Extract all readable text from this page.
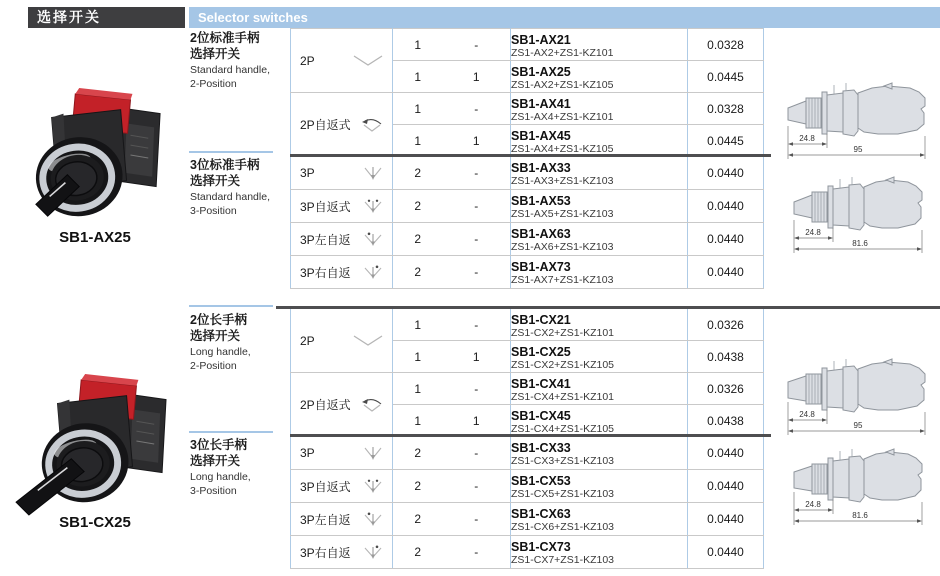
选择开关	Selector switches
SB1-AX25
SB1-CX25
2位标准手柄
选择开关
Standard handle,
2-Position
3位标准手柄
选择开关
Standard handle,
3-Position
2位长手柄
选择开关
Long handle,
2-Position
3位长手柄
选择开关
Long handle,
3-Position
2P	1	-	SB1-AX21
ZS1-AX2+ZS1-KZ101	0.0328
	1	1	SB1-AX25
ZS1-AX2+ZS1-KZ105	0.0445

2P自返式	1	-	SB1-AX41
ZS1-AX4+ZS1-KZ101	0.0328
	1	1	SB1-AX45
ZS1-AX4+ZS1-KZ105	0.0445

3P	2	-	SB1-AX33
ZS1-AX3+ZS1-KZ103	0.0440

3P自返式	2	-	SB1-AX53
ZS1-AX5+ZS1-KZ103	0.0440

3P左自返	2	-	SB1-AX63
ZS1-AX6+ZS1-KZ103	0.0440

3P右自返	2	-	SB1-AX73
ZS1-AX7+ZS1-KZ103	0.0440
2P	1	-	SB1-CX21
ZS1-CX2+ZS1-KZ101	0.0326
	1	1	SB1-CX25
ZS1-CX2+ZS1-KZ105	0.0438

2P自返式	1	-	SB1-CX41
ZS1-CX4+ZS1-KZ101	0.0326
	1	1	SB1-CX45
ZS1-CX4+ZS1-KZ105	0.0438

3P	2	-	SB1-CX33
ZS1-CX3+ZS1-KZ103	0.0440

3P自返式	2	-	SB1-CX53
ZS1-CX5+ZS1-KZ103	0.0440

3P左自返	2	-	SB1-CX63
ZS1-CX6+ZS1-KZ103	0.0440

3P右自返	2	-	SB1-CX73
ZS1-CX7+ZS1-KZ103	0.0440
24.8
95
24.8
81.6
24.8
95
24.8
81.6
